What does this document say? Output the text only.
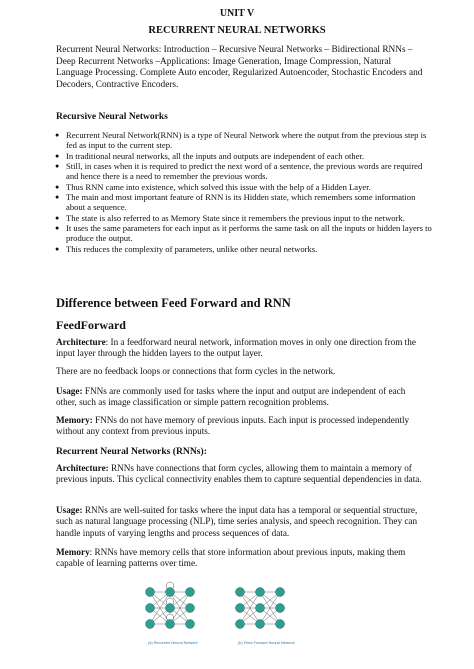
UNIT V
RECURRENT NEURAL NETWORKS
Recurrent Neural Networks: Introduction – Recursive Neural Networks – Bidirectional RNNs – Deep Recurrent Networks –Applications: Image Generation, Image Compression, Natural Language Processing. Complete Auto encoder, Regularized Autoencoder, Stochastic Encoders and Decoders, Contractive Encoders.
Recursive Neural Networks
● Recurrent Neural Network(RNN) is a type of Neural Network where the output from the previous step is fed as input to the current step.
● In traditional neural networks, all the inputs and outputs are independent of each other.
● Still, in cases when it is required to predict the next word of a sentence, the previous words are required and hence there is a need to remember the previous words.
● Thus RNN came into existence, which solved this issue with the help of a Hidden Layer.
● The main and most important feature of RNN is its Hidden state, which remembers some information about a sequence.
● The state is also referred to as Memory State since it remembers the previous input to the network.
● It uses the same parameters for each input as it performs the same task on all the inputs or hidden layers to produce the output.
● This reduces the complexity of parameters, unlike other neural networks.
Difference between Feed Forward and RNN
FeedForward

Architecture: In a feedforward neural network, information moves in only one direction from the input layer through the hidden layers to the output layer.

There are no feedback loops or connections that form cycles in the network.

Usage: FNNs are commonly used for tasks where the input and output are independent of each other, such as image classification or simple pattern recognition problems.

Memory: FNNs do not have memory of previous inputs. Each input is processed independently without any context from previous inputs.

Recurrent Neural Networks (RNNs):

Architecture: RNNs have connections that form cycles, allowing them to maintain a memory of previous inputs. This cyclical connectivity enables them to capture sequential dependencies in data.

Usage: RNNs are well-suited for tasks where the input data has a temporal or sequential structure, such as natural language processing (NLP), time series analysis, and speech recognition. They can handle inputs of varying lengths and process sequences of data.

Memory: RNNs have memory cells that store information about previous inputs, making them capable of learning patterns over time.

(a) Recurrent Neural Network	(b) Feed-Forward Neural Network
